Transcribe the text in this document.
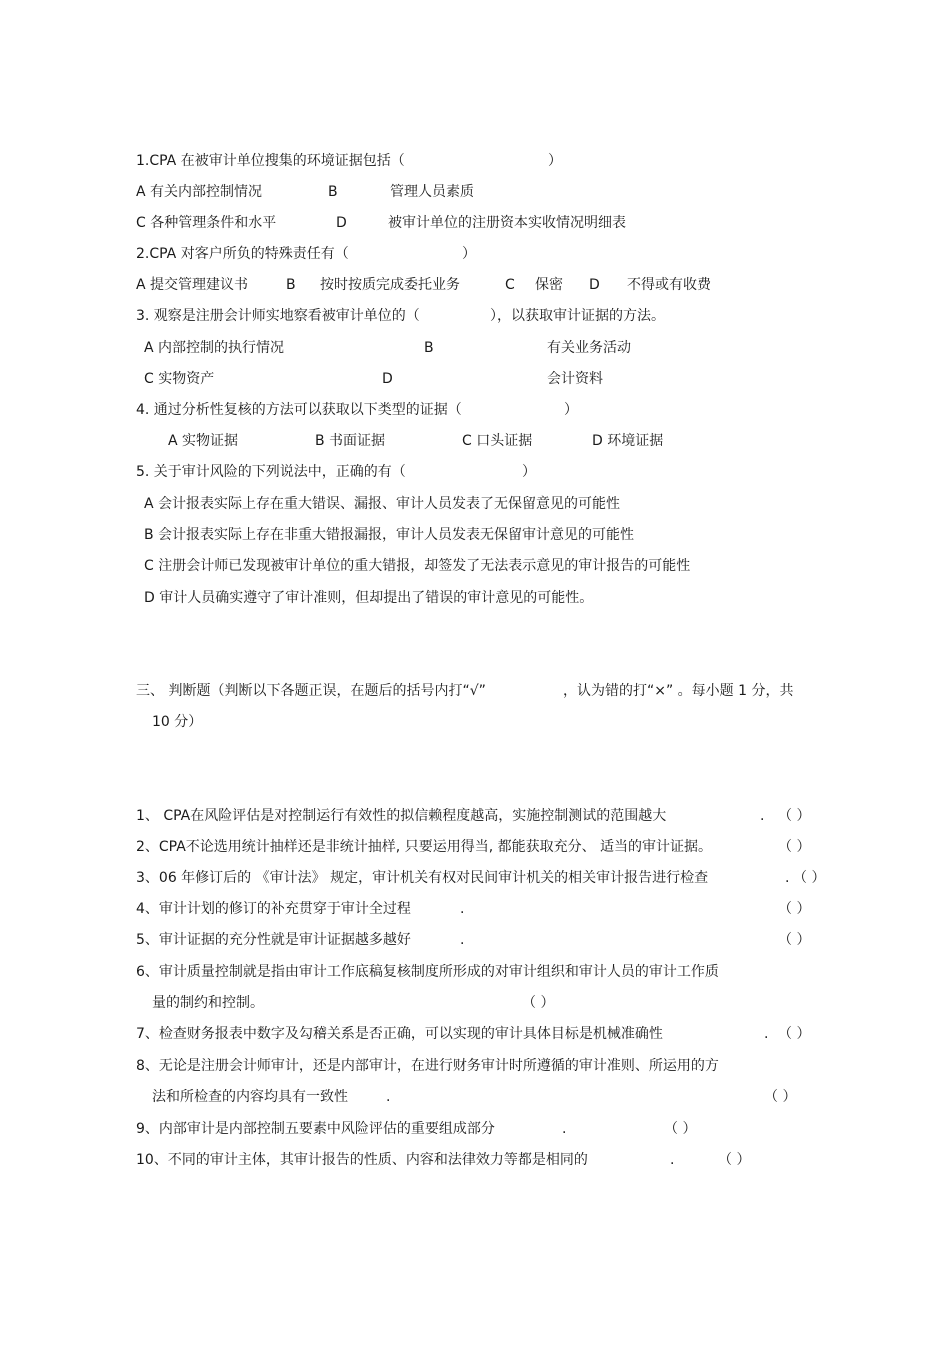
1.CPA 在被审计单位搜集的环境证据包括（	）
A 有关内部控制情况	B	管理人员素质
C 各种管理条件和水平	D	被审计单位的注册资本实收情况明细表
2.CPA 对客户所负的特殊责任有（	）
A 提交管理建议书	B 按时按质完成委托业务	C 保密 D 不得或有收费
3. 观察是注册会计师实地察看被审计单位的（	），以获取审计证据的方法。
A 内部控制的执行情况	B	有关业务活动
C 实物资产	D	会计资料
4. 通过分析性复核的方法可以获取以下类型的证据（	）
A 实物证据	B 书面证据	C 口头证据	D 环境证据
5. 关于审计风险的下列说法中，正确的有（	）
A 会计报表实际上存在重大错误、漏报、审计人员发表了无保留意见的可能性
B 会计报表实际上存在非重大错报漏报，审计人员发表无保留审计意见的可能性
C 注册会计师已发现被审计单位的重大错报，却签发了无法表示意见的审计报告的可能性
D 审计人员确实遵守了审计准则，但却提出了错误的审计意见的可能性。
三、 判断题（判断以下各题正误，在题后的括号内打“√”	，认为错的打“×” 。每小题 1 分，共
10 分）
1、 CPA在风险评估是对控制运行有效性的拟信赖程度越高，实施控制测试的范围越大	. （ ）
2、CPA不论选用统计抽样还是非统计抽样, 只要运用得当, 都能获取充分、 适当的审计证据。	（ ）
3、06 年修订后的 《审计法》 规定，审计机关有权对民间审计机关的相关审计报告进行检查	. （ ）
4、审计计划的修订的补充贯穿于审计全过程	.	（ ）
5、审计证据的充分性就是审计证据越多越好	.	（ ）
6、审计质量控制就是指由审计工作底稿复核制度所形成的对审计组织和审计人员的审计工作质
量的制约和控制。	（ ）
7、检查财务报表中数字及勾稽关系是否正确，可以实现的审计具体目标是机械准确性	. （ ）
8、无论是注册会计师审计，还是内部审计，在进行财务审计时所遵循的审计准则、所运用的方
法和所检查的内容均具有一致性	.	（ ）
9、内部审计是内部控制五要素中风险评估的重要组成部分	.	（ ）
10、不同的审计主体，其审计报告的性质、内容和法律效力等都是相同的	.	（ ）
